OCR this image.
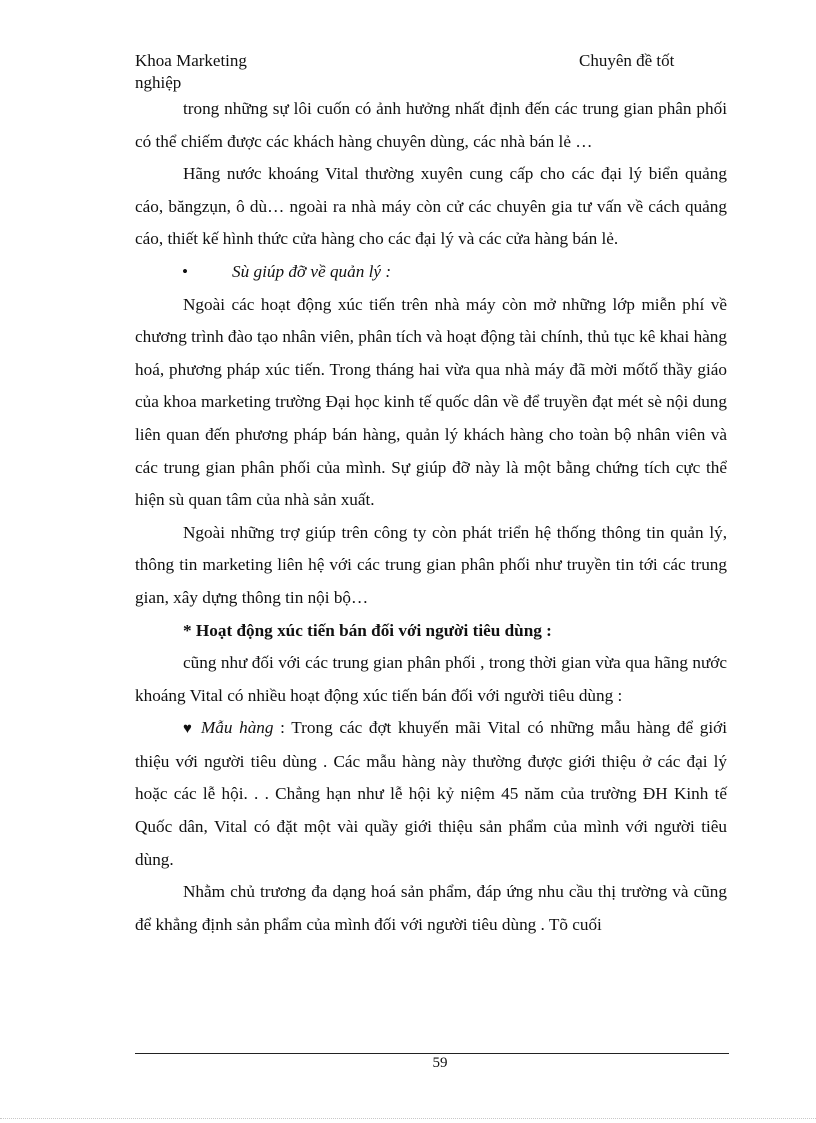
Khoa Marketing	Chuyên đề tốt
nghiệp

trong những sự lôi cuốn có ảnh hưởng nhất định đến các trung gian phân phối có thể chiếm được các khách hàng chuyên dùng, các nhà bán lẻ …

Hãng nước khoáng Vital thường xuyên cung cấp cho các đại lý biển quảng cáo, băngzụn, ô dù… ngoài ra nhà máy còn cử các chuyên gia tư vấn về cách quảng cáo, thiết kế hình thức cửa hàng cho các đại lý và các cửa hàng bán lẻ.

•	Sù giúp đỡ về quản lý :

Ngoài các hoạt động xúc tiến trên nhà máy còn mở những lớp miễn phí về chương trình đào tạo nhân viên, phân tích và hoạt động tài chính, thủ tục kê khai hàng hoá, phương pháp xúc tiến. Trong tháng hai vừa qua nhà máy đã mời mốtố thầy giáo của khoa marketing trường Đại học kinh tế quốc dân về để truyền đạt mét sè nội dung liên quan đến phương pháp bán hàng, quản lý khách hàng cho toàn bộ nhân viên và các trung gian phân phối của mình. Sự giúp đỡ này là một bằng chứng tích cực thể hiện sù quan tâm của nhà sản xuất.

Ngoài những trợ giúp trên công ty còn phát triển hệ thống thông tin quản lý, thông tin marketing liên hệ với các trung gian phân phối như truyền tin tới các trung gian, xây dựng thông tin nội bộ…

* Hoạt động xúc tiến bán đối với người tiêu dùng :

cũng như đối với các trung gian phân phối , trong thời gian vừa qua hãng nước khoáng Vital có nhiều hoạt động xúc tiến bán đối với người tiêu dùng :

♥ Mẫu hàng : Trong các đợt khuyến mãi Vital có những mẫu hàng để giới thiệu với người tiêu dùng . Các mẫu hàng này thường được giới thiệu ở các đại lý hoặc các lễ hội. . . Chẳng hạn như lễ hội kỷ niệm 45 năm của trường ĐH Kinh tế Quốc dân, Vital có đặt một vài quầy giới thiệu sản phẩm của mình với người tiêu dùng.

Nhằm chủ trương đa dạng hoá sản phẩm, đáp ứng nhu cầu thị trường và cũng để khẳng định sản phẩm của mình đối với người tiêu dùng . Tõ cuối

59
